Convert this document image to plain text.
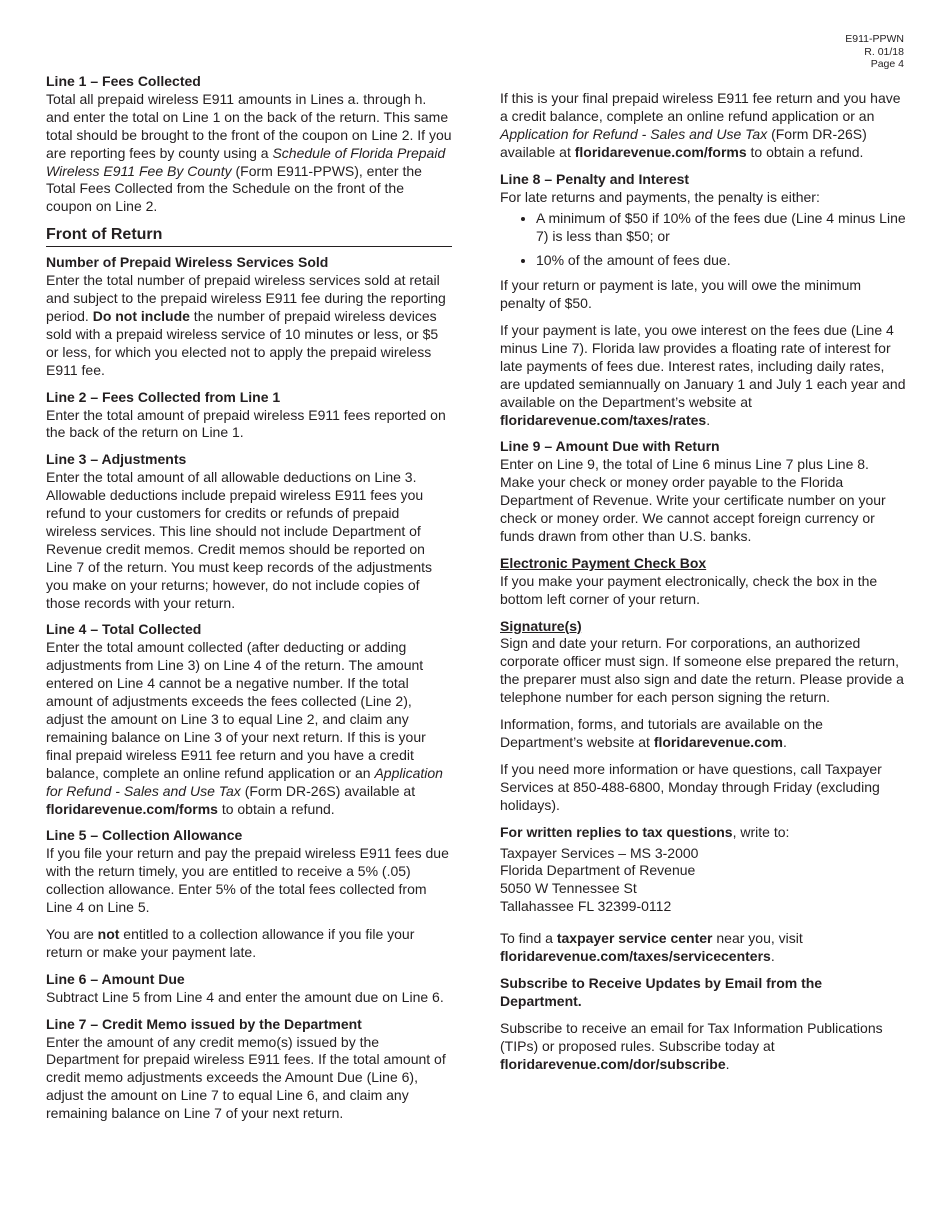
E911-PPWN
R. 01/18
Page 4

Line 1 – Fees Collected

Total all prepaid wireless E911 amounts in Lines a. through h. and enter the total on Line 1 on the back of the return. This same total should be brought to the front of the coupon on Line 2. If you are reporting fees by county using a Schedule of Florida Prepaid Wireless E911 Fee By County (Form E911-PPWS), enter the Total Fees Collected from the Schedule on the front of the coupon on Line 2.

Front of Return

Number of Prepaid Wireless Services Sold

Enter the total number of prepaid wireless services sold at retail and subject to the prepaid wireless E911 fee during the reporting period. Do not include the number of prepaid wireless devices sold with a prepaid wireless service of 10 minutes or less, or $5 or less, for which you elected not to apply the prepaid wireless E911 fee.

Line 2 – Fees Collected from Line 1

Enter the total amount of prepaid wireless E911 fees reported on the back of the return on Line 1.

Line 3 – Adjustments

Enter the total amount of all allowable deductions on Line 3. Allowable deductions include prepaid wireless E911 fees you refund to your customers for credits or refunds of prepaid wireless services. This line should not include Department of Revenue credit memos. Credit memos should be reported on Line 7 of the return. You must keep records of the adjustments you make on your returns; however, do not include copies of those records with your return.

Line 4 – Total Collected

Enter the total amount collected (after deducting or adding adjustments from Line 3) on Line 4 of the return. The amount entered on Line 4 cannot be a negative number. If the total amount of adjustments exceeds the fees collected (Line 2), adjust the amount on Line 3 to equal Line 2, and claim any remaining balance on Line 3 of your next return. If this is your final prepaid wireless E911 fee return and you have a credit balance, complete an online refund application or an Application for Refund - Sales and Use Tax (Form DR-26S) available at floridarevenue.com/forms to obtain a refund.

Line 5 – Collection Allowance

If you file your return and pay the prepaid wireless E911 fees due with the return timely, you are entitled to receive a 5% (.05) collection allowance. Enter 5% of the total fees collected from Line 4 on Line 5.

You are not entitled to a collection allowance if you file your return or make your payment late.

Line 6 – Amount Due

Subtract Line 5 from Line 4 and enter the amount due on Line 6.

Line 7 – Credit Memo issued by the Department

Enter the amount of any credit memo(s) issued by the Department for prepaid wireless E911 fees. If the total amount of credit memo adjustments exceeds the Amount Due (Line 6), adjust the amount on Line 7 to equal Line 6, and claim any remaining balance on Line 7 of your next return.

If this is your final prepaid wireless E911 fee return and you have a credit balance, complete an online refund application or an Application for Refund - Sales and Use Tax (Form DR-26S) available at floridarevenue.com/forms to obtain a refund.

Line 8 – Penalty and Interest

For late returns and payments, the penalty is either:

• A minimum of $50 if 10% of the fees due (Line 4 minus Line 7) is less than $50; or
• 10% of the amount of fees due.

If your return or payment is late, you will owe the minimum penalty of $50.

If your payment is late, you owe interest on the fees due (Line 4 minus Line 7). Florida law provides a floating rate of interest for late payments of fees due. Interest rates, including daily rates, are updated semiannually on January 1 and July 1 each year and available on the Department’s website at floridarevenue.com/taxes/rates.

Line 9 – Amount Due with Return

Enter on Line 9, the total of Line 6 minus Line 7 plus Line 8. Make your check or money order payable to the Florida Department of Revenue. Write your certificate number on your check or money order. We cannot accept foreign currency or funds drawn from other than U.S. banks.

Electronic Payment Check Box

If you make your payment electronically, check the box in the bottom left corner of your return.

Signature(s)

Sign and date your return. For corporations, an authorized corporate officer must sign. If someone else prepared the return, the preparer must also sign and date the return. Please provide a telephone number for each person signing the return.

Information, forms, and tutorials are available on the Department’s website at floridarevenue.com.

If you need more information or have questions, call Taxpayer Services at 850-488-6800, Monday through Friday (excluding holidays).

For written replies to tax questions, write to:

Taxpayer Services – MS 3-2000
Florida Department of Revenue
5050 W Tennessee St
Tallahassee FL 32399-0112

To find a taxpayer service center near you, visit floridarevenue.com/taxes/servicecenters.

Subscribe to Receive Updates by Email from the Department.

Subscribe to receive an email for Tax Information Publications (TIPs) or proposed rules. Subscribe today at floridarevenue.com/dor/subscribe.
